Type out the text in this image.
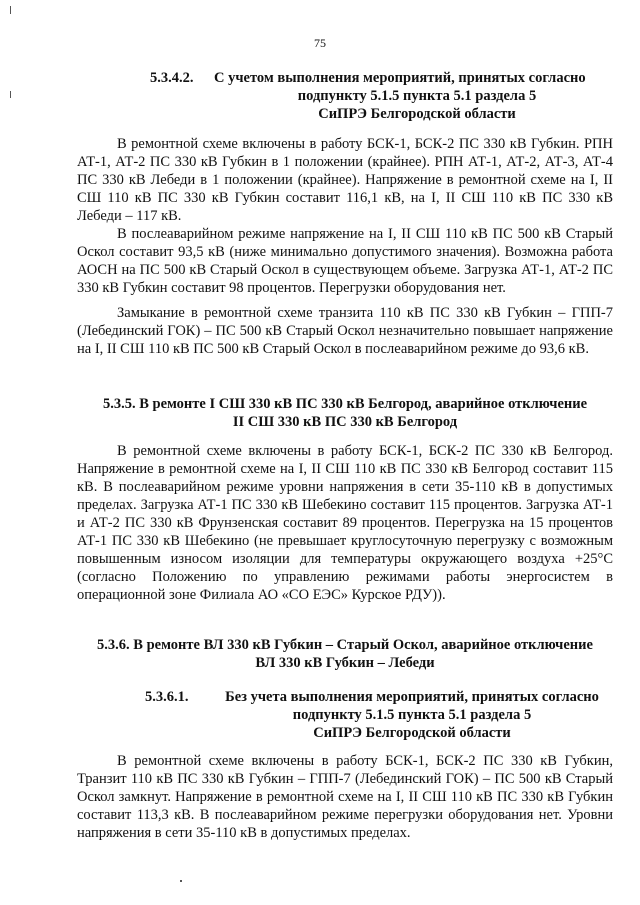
75
5.3.4.2.	С учетом выполнения мероприятий, принятых согласно
подпункту 5.1.5 пункта 5.1 раздела 5
СиПРЭ Белгородской области

В ремонтной схеме включены в работу БСК-1, БСК-2 ПС 330 кВ Губкин. РПН АТ-1, АТ-2 ПС 330 кВ Губкин в 1 положении (крайнее). РПН АТ-1, АТ-2, АТ-3, АТ-4 ПС 330 кВ Лебеди в 1 положении (крайнее). Напряжение в ремонтной схеме на I, II СШ 110 кВ ПС 330 кВ Губкин составит 116,1 кВ, на I, II СШ 110 кВ ПС 330 кВ Лебеди – 117 кВ.

В послеаварийном режиме напряжение на I, II СШ 110 кВ ПС 500 кВ Старый Оскол составит 93,5 кВ (ниже минимально допустимого значения). Возможна работа АОСН на ПС 500 кВ Старый Оскол в существующем объеме. Загрузка АТ-1, АТ-2 ПС 330 кВ Губкин составит 98 процентов. Перегрузки оборудования нет.

Замыкание в ремонтной схеме транзита 110 кВ ПС 330 кВ Губкин – ГПП-7 (Лебединский ГОК) – ПС 500 кВ Старый Оскол незначительно повышает напряжение на I, II СШ 110 кВ ПС 500 кВ Старый Оскол в послеаварийном режиме до 93,6 кВ.

5.3.5. В ремонте I СШ 330 кВ ПС 330 кВ Белгород, аварийное отключение
II СШ 330 кВ ПС 330 кВ Белгород

В ремонтной схеме включены в работу БСК-1, БСК-2 ПС 330 кВ Белгород. Напряжение в ремонтной схеме на I, II СШ 110 кВ ПС 330 кВ Белгород составит 115 кВ. В послеаварийном режиме уровни напряжения в сети 35-110 кВ в допустимых пределах. Загрузка АТ-1 ПС 330 кВ Шебекино составит 115 процентов. Загрузка АТ-1 и АТ-2 ПС 330 кВ Фрунзенская составит 89 процентов. Перегрузка на 15 процентов АТ-1 ПС 330 кВ Шебекино (не превышает круглосуточную перегрузку с возможным повышенным износом изоляции для температуры окружающего воздуха +25°С (согласно Положению по управлению режимами работы энергосистем в операционной зоне Филиала АО «СО ЕЭС» Курское РДУ)).

5.3.6. В ремонте ВЛ 330 кВ Губкин – Старый Оскол, аварийное отключение
ВЛ 330 кВ Губкин – Лебеди
5.3.6.1.	Без учета выполнения мероприятий, принятых согласно
подпункту 5.1.5 пункта 5.1 раздела 5
СиПРЭ Белгородской области

В ремонтной схеме включены в работу БСК-1, БСК-2 ПС 330 кВ Губкин, Транзит 110 кВ ПС 330 кВ Губкин – ГПП-7 (Лебединский ГОК) – ПС 500 кВ Старый Оскол замкнут. Напряжение в ремонтной схеме на I, II СШ 110 кВ ПС 330 кВ Губкин составит 113,3 кВ. В послеаварийном режиме перегрузки оборудования нет. Уровни напряжения в сети 35-110 кВ в допустимых пределах.
